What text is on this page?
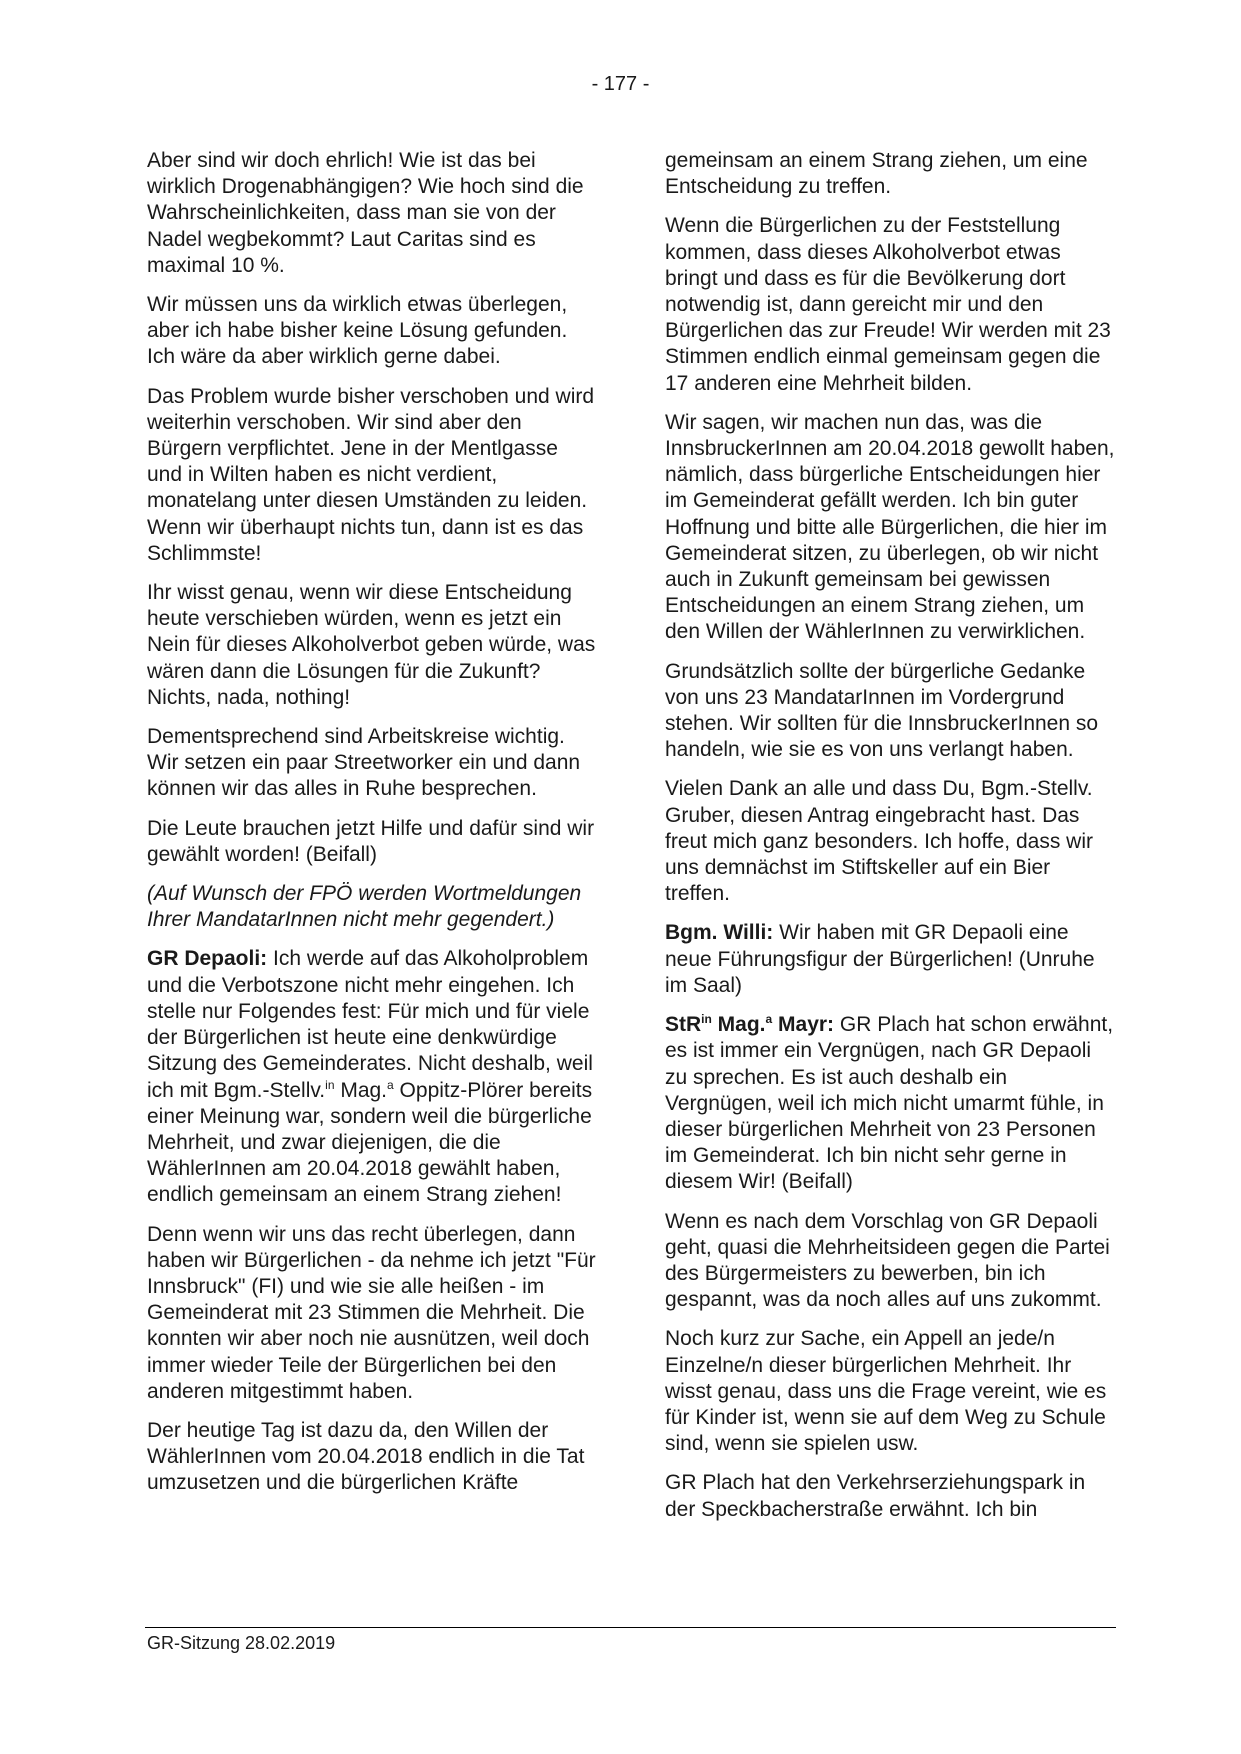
- 177 -

Aber sind wir doch ehrlich! Wie ist das bei wirklich Drogenabhängigen? Wie hoch sind die Wahrscheinlichkeiten, dass man sie von der Nadel wegbekommt? Laut Caritas sind es maximal 10 %.

Wir müssen uns da wirklich etwas überlegen, aber ich habe bisher keine Lösung gefunden. Ich wäre da aber wirklich gerne dabei.

Das Problem wurde bisher verschoben und wird weiterhin verschoben. Wir sind aber den Bürgern verpflichtet. Jene in der Mentlgasse und in Wilten haben es nicht verdient, monatelang unter diesen Umständen zu leiden. Wenn wir überhaupt nichts tun, dann ist es das Schlimmste!

Ihr wisst genau, wenn wir diese Entscheidung heute verschieben würden, wenn es jetzt ein Nein für dieses Alkoholverbot geben würde, was wären dann die Lösungen für die Zukunft? Nichts, nada, nothing!

Dementsprechend sind Arbeitskreise wichtig. Wir setzen ein paar Streetworker ein und dann können wir das alles in Ruhe besprechen.

Die Leute brauchen jetzt Hilfe und dafür sind wir gewählt worden! (Beifall)

(Auf Wunsch der FPÖ werden Wortmeldungen Ihrer MandatarInnen nicht mehr gegendert.)

GR Depaoli: Ich werde auf das Alkoholproblem und die Verbotszone nicht mehr eingehen. Ich stelle nur Folgendes fest: Für mich und für viele der Bürgerlichen ist heute eine denkwürdige Sitzung des Gemeinderates. Nicht deshalb, weil ich mit Bgm.-Stellv.$^{in}$ Mag.$^a$ Oppitz-Plörer bereits einer Meinung war, sondern weil die bürgerliche Mehrheit, und zwar diejenigen, die die WählerInnen am 20.04.2018 gewählt haben, endlich gemeinsam an einem Strang ziehen!

Denn wenn wir uns das recht überlegen, dann haben wir Bürgerlichen - da nehme ich jetzt "Für Innsbruck" (FI) und wie sie alle heißen - im Gemeinderat mit 23 Stimmen die Mehrheit. Die konnten wir aber noch nie ausnützen, weil doch immer wieder Teile der Bürgerlichen bei den anderen mitgestimmt haben.

Der heutige Tag ist dazu da, den Willen der WählerInnen vom 20.04.2018 endlich in die Tat umzusetzen und die bürgerlichen Kräfte

gemeinsam an einem Strang ziehen, um eine Entscheidung zu treffen.

Wenn die Bürgerlichen zu der Feststellung kommen, dass dieses Alkoholverbot etwas bringt und dass es für die Bevölkerung dort notwendig ist, dann gereicht mir und den Bürgerlichen das zur Freude! Wir werden mit 23 Stimmen endlich einmal gemeinsam gegen die 17 anderen eine Mehrheit bilden.

Wir sagen, wir machen nun das, was die InnsbruckerInnen am 20.04.2018 gewollt haben, nämlich, dass bürgerliche Entscheidungen hier im Gemeinderat gefällt werden. Ich bin guter Hoffnung und bitte alle Bürgerlichen, die hier im Gemeinderat sitzen, zu überlegen, ob wir nicht auch in Zukunft gemeinsam bei gewissen Entscheidungen an einem Strang ziehen, um den Willen der WählerInnen zu verwirklichen.

Grundsätzlich sollte der bürgerliche Gedanke von uns 23 MandatarInnen im Vordergrund stehen. Wir sollten für die InnsbruckerInnen so handeln, wie sie es von uns verlangt haben.

Vielen Dank an alle und dass Du, Bgm.-Stellv. Gruber, diesen Antrag eingebracht hast. Das freut mich ganz besonders. Ich hoffe, dass wir uns demnächst im Stiftskeller auf ein Bier treffen.

Bgm. Willi: Wir haben mit GR Depaoli eine neue Führungsfigur der Bürgerlichen! (Unruhe im Saal)

StR$^{in}$ Mag.$^a$ Mayr: GR Plach hat schon erwähnt, es ist immer ein Vergnügen, nach GR Depaoli zu sprechen. Es ist auch deshalb ein Vergnügen, weil ich mich nicht umarmt fühle, in dieser bürgerlichen Mehrheit von 23 Personen im Gemeinderat. Ich bin nicht sehr gerne in diesem Wir! (Beifall)

Wenn es nach dem Vorschlag von GR Depaoli geht, quasi die Mehrheitsideen gegen die Partei des Bürgermeisters zu bewerben, bin ich gespannt, was da noch alles auf uns zukommt.

Noch kurz zur Sache, ein Appell an jede/n Einzelne/n dieser bürgerlichen Mehrheit. Ihr wisst genau, dass uns die Frage vereint, wie es für Kinder ist, wenn sie auf dem Weg zu Schule sind, wenn sie spielen usw.

GR Plach hat den Verkehrserziehungspark in der Speckbacherstraße erwähnt. Ich bin

GR-Sitzung 28.02.2019
